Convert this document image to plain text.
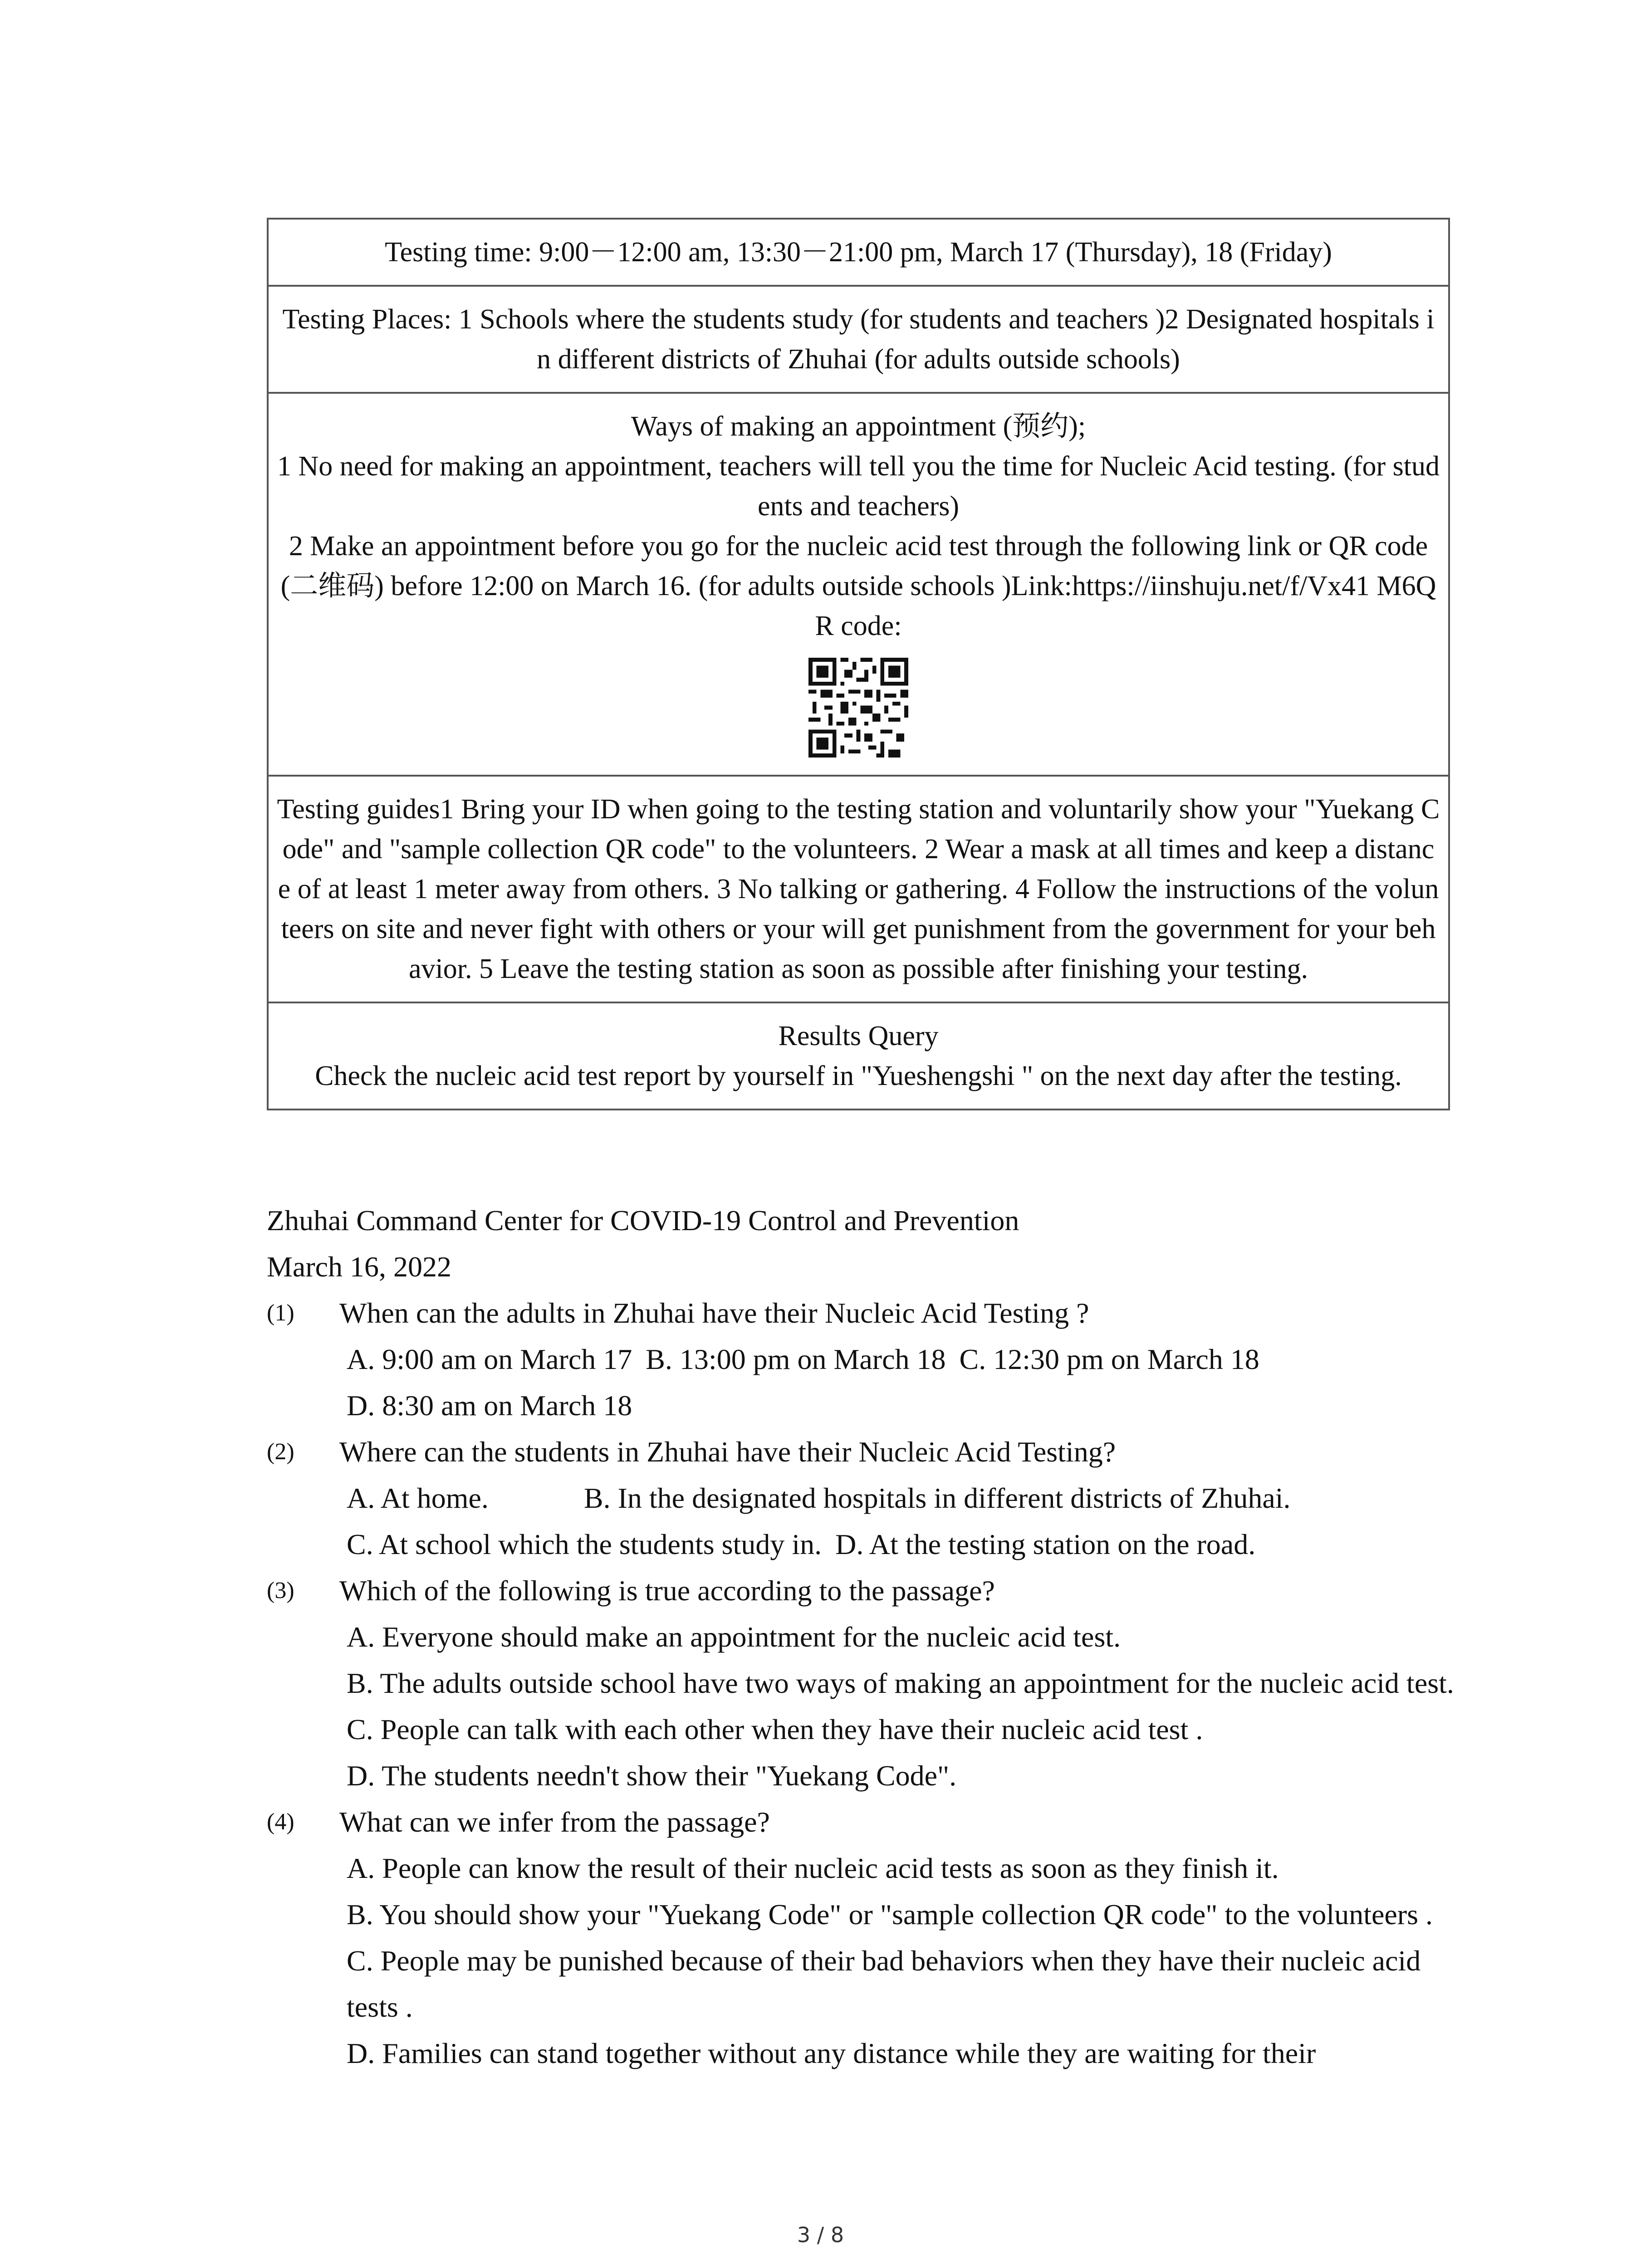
Testing time: 9:00－12:00 am, 13:30－21:00 pm, March 17 (Thursday), 18 (Friday)
Testing Places: 1 Schools where the students study (for students and teachers )2 Designated hospitals in different districts of Zhuhai (for adults outside schools)

Ways of making an appointment (预约);
1 No need for making an appointment, teachers will tell you the time for Nucleic Acid testing. (for students and teachers)
2 Make an appointment before you go for the nucleic acid test through the following link or QR code (二维码) before 12:00 on March 16. (for adults outside schools )Link:https://iinshuju.net/f/Vx41 M6QR code:

Testing guides1 Bring your ID when going to the testing station and voluntarily show your "Yuekang Code" and "sample collection QR code" to the volunteers. 2 Wear a mask at all times and keep a distance of at least 1 meter away from others. 3 No talking or gathering. 4 Follow the instructions of the volunteers on site and never fight with others or your will get punishment from the government for your behavior. 5 Leave the testing station as soon as possible after finishing your testing.

Results Query
Check the nucleic acid test report by yourself in "Yueshengshi " on the next day after the testing.
Zhuhai Command Center for COVID-19 Control and Prevention
March 16, 2022
(1)	When can the adults in Zhuhai have their Nucleic Acid Testing ?
A. 9:00 am on March 17 B. 13:00 pm on March 18 C. 12:30 pm on March 18
D. 8:30 am on March 18
(2)	Where can the students in Zhuhai have their Nucleic Acid Testing?
A. At home.	B. In the designated hospitals in different districts of Zhuhai.
C. At school which the students study in. D. At the testing station on the road.
(3)	Which of the following is true according to the passage?
A. Everyone should make an appointment for the nucleic acid test.
B. The adults outside school have two ways of making an appointment for the nucleic acid test.
C. People can talk with each other when they have their nucleic acid test .
D. The students needn't show their "Yuekang Code".
(4)	What can we infer from the passage?
A. People can know the result of their nucleic acid tests as soon as they finish it.
B. You should show your "Yuekang Code" or "sample collection QR code" to the volunteers .
C. People may be punished because of their bad behaviors when they have their nucleic acid tests .
D. Families can stand together without any distance while they are waiting for their
3 / 8
